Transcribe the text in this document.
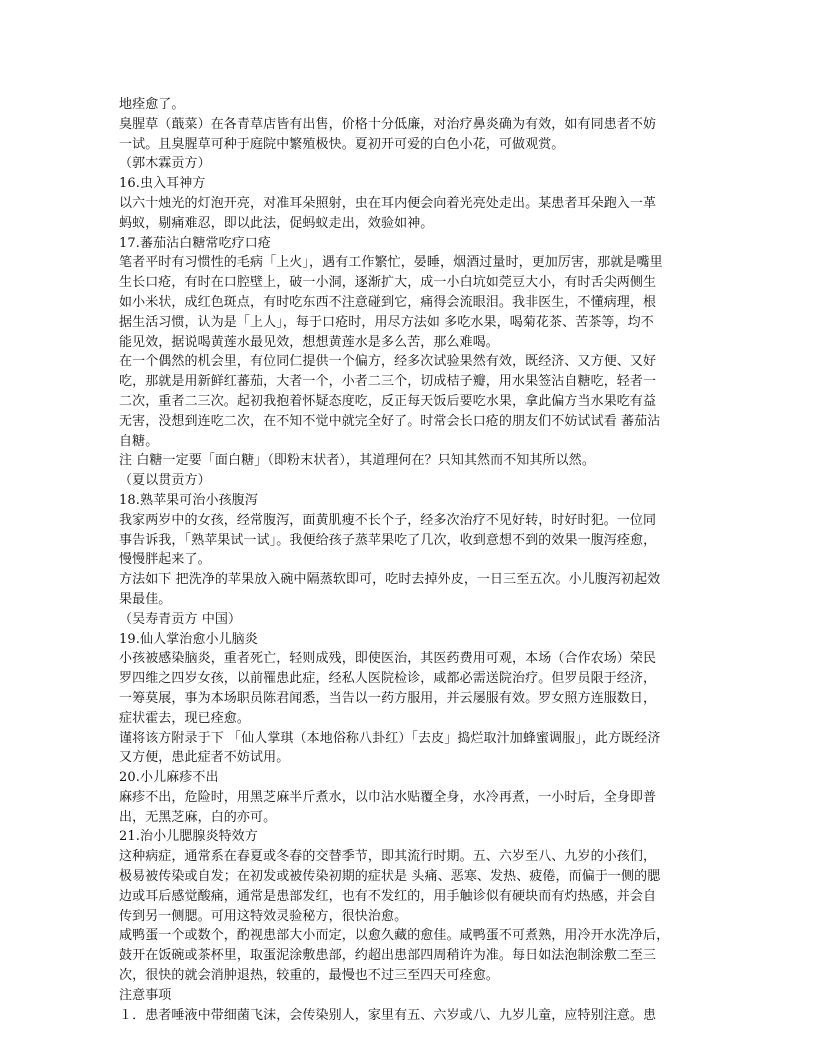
地痊愈了。

臭腥草（蕺菜）在各青草店皆有出售，价格十分低廉，对治疗鼻炎确为有效，如有同患者不妨

一试。且臭腥草可种于庭院中繁殖极快。夏初开可爱的白色小花，可做观赏。

（郭木霖贡方）

16.虫入耳神方

以六十烛光的灯泡开亮，对准耳朵照射，虫在耳内便会向着光亮处走出。某患者耳朵跑入一革

蚂蚁，剔痛难忍，即以此法，促蚂蚁走出，效验如神。

17.蕃茄沾白糖常吃疗口疮

笔者平时有习惯性的毛病「上火」，遇有工作繁忙，晏睡，烟酒过量时，更加厉害，那就是嘴里

生长口疮，有时在口腔壁上，破一小洞，逐渐扩大，成一小白坑如莞豆大小，有时舌尖两侧生

如小米状，成红色斑点，有时吃东西不注意碰到它，痛得会流眼泪。我非医生，不懂病理，根

据生活习惯，认为是「上人」，每于口疮时，用尽方法如 多吃水果，喝菊花茶、苦茶等，均不

能见效，据说喝黄莲水最见效，想想黄莲水是多么苦，那么难喝。

在一个偶然的机会里，有位同仁提供一个偏方，经多次试验果然有效，既经济、又方便、又好

吃，那就是用新鲜红蕃茄，大者一个，小者二三个，切成桔子瓣，用水果签沾自糖吃，轻者一

二次，重者二三次。起初我抱着怀疑态度吃，反正每天饭后要吃水果，拿此偏方当水果吃有益

无害，没想到连吃二次，在不知不觉中就完全好了。时常会长口疮的朋友们不妨试试看 蕃茄沾

自糖。

注 白糖一定要「面白糖」（即粉末状者），其道理何在？只知其然而不知其所以然。

（夏以贯贡方）

18.熟苹果可治小孩腹泻

我家两岁中的女孩，经常腹泻，面黄肌瘦不长个子，经多次治疗不见好转，时好时犯。一位同

事告诉我，「熟苹果试一试」。我便给孩子蒸苹果吃了几次，收到意想不到的效果一腹泻痊愈，

慢慢胖起来了。

方法如下 把洗净的苹果放入碗中隔蒸软即可，吃时去掉外皮，一日三至五次。小儿腹泻初起效

果最佳。

（吴寿青贡方 中国）

19.仙人掌治愈小儿脑炎

小孩被感染脑炎，重者死亡，轻则成残，即使医治，其医药费用可观，本场（合作农场）荣民

罗四维之四岁女孩，以前罹患此症，经私人医院检诊，咸都必需送院治疗。但罗员限于经济，

一筹莫展，事为本场职员陈君闻悉，当告以一药方服用，并云屡服有效。罗女照方连服数日，

症状霍去，现已痊愈。

谨将该方附录于下 「仙人掌琪（本地俗称八卦红）「去皮」捣烂取汁加蜂蜜调服」，此方既经济

又方便，患此症者不妨试用。

20.小儿麻疹不出

麻疹不出，危险时，用黑芝麻半斤煮水，以巾沾水贴覆全身，水冷再煮，一小时后，全身即普

出，无黑芝麻，白的亦可。

21.治小儿腮腺炎特效方

这种病症，通常系在春夏或冬春的交替季节，即其流行时期。五、六岁至八、九岁的小孩们，

极易被传染或自发；在初发或被传染初期的症状是 头痛、恶寒、发热、疲倦，而偏于一侧的腮

边或耳后感觉酸痛，通常是患部发红，也有不发红的，用手触诊似有硬块而有灼热感，并会自

传到另一侧腮。可用这特效灵验秘方，很快治愈。

咸鸭蛋一个或数个，酌视患部大小而定，以愈久藏的愈佳。咸鸭蛋不可煮熟，用冷开水洗净后，

鼓开在饭碗或茶杯里，取蛋泥涂敷患部，约超出患部四周稍许为准。每日如法泡制涂敷二至三

次，很快的就会消肿退热，较重的，最慢也不过三至四天可痊愈。

注意事项

１．患者唾液中带细菌飞沫，会传染别人，家里有五、六岁或八、九岁儿童，应特别注意。患
